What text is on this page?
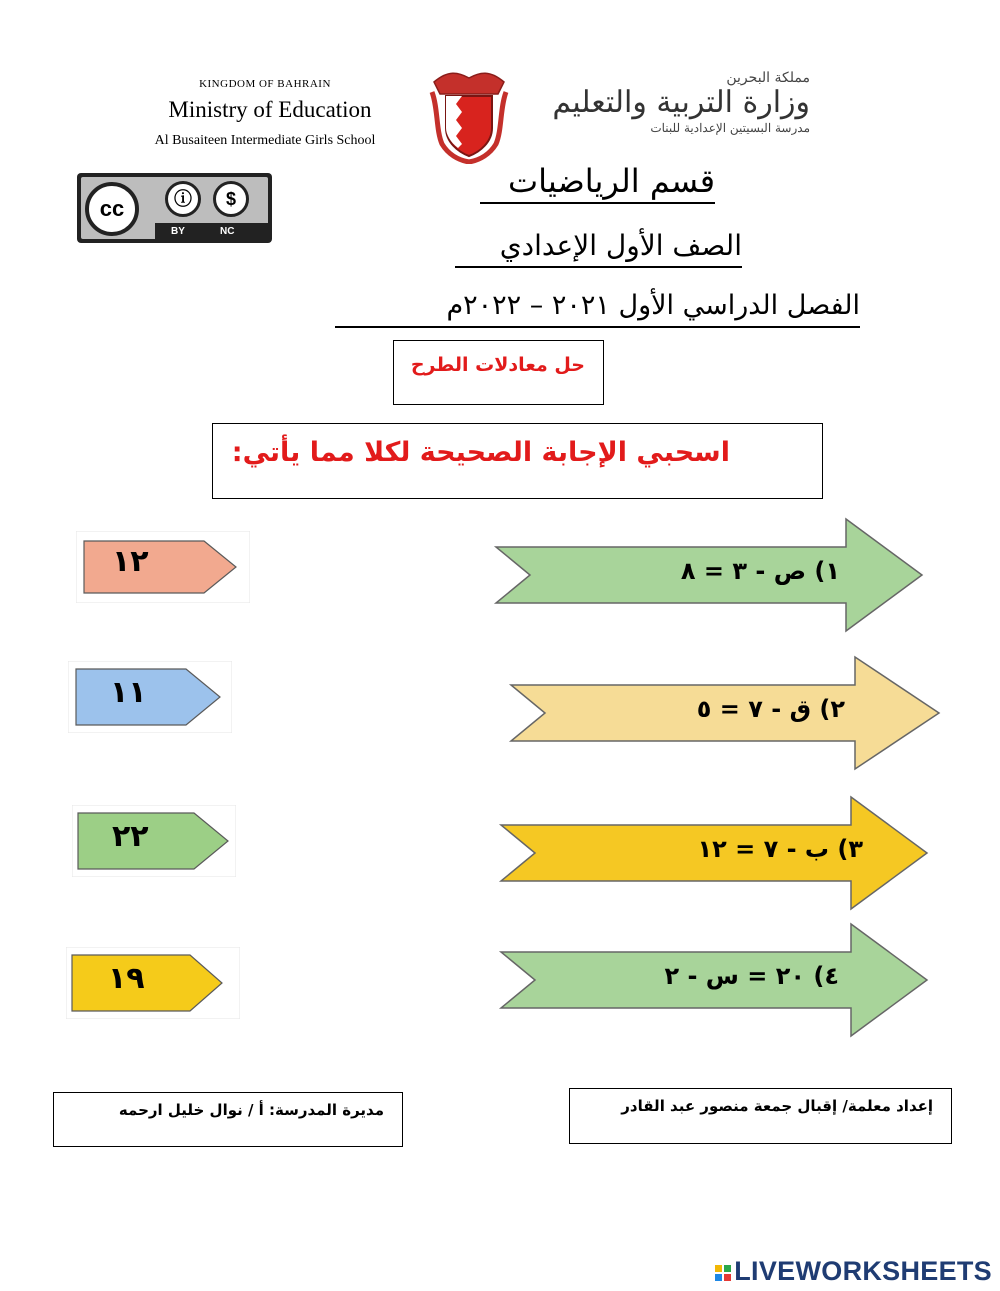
KINGDOM OF BAHRAIN
Ministry of Education
Al Busaiteen Intermediate Girls School
مملكة البحرين
وزارة التربية والتعليم
مدرسة البسيتين الإعدادية للبنات
cc	ⓘ	$
BY	NC
قسم الرياضيات
الصف الأول الإعدادي
الفصل الدراسي الأول ٢٠٢١ – ٢٠٢٢م
حل معادلات الطرح
اسحبي الإجابة الصحيحة لكلا مما يأتي:
١٢
١١
٢٢
١٩
١) ص - ٣ = ٨
٢) ق - ٧ = ٥
٣) ب - ٧ = ١٢
٤) ٢٠ = س - ٢
مديرة المدرسة: أ / نوال خليل ارحمه	إعداد معلمة/ إقبال جمعة منصور عبد القادر
LIVEWORKSHEETS
